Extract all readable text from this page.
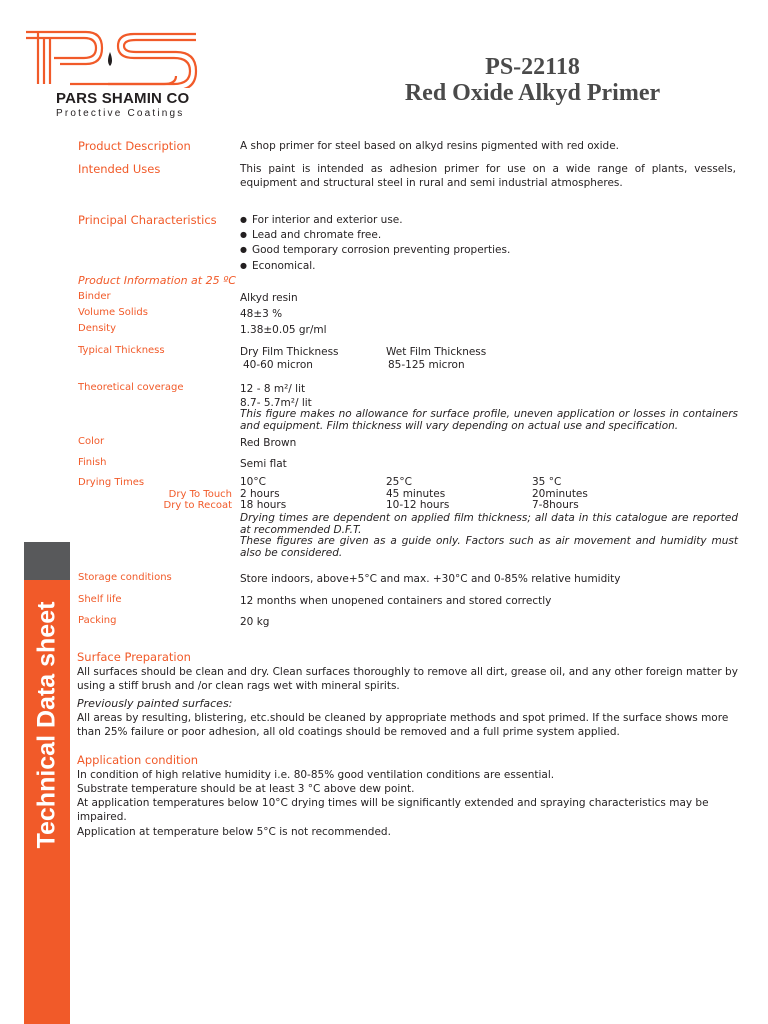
PARS SHAMIN CO
Protective Coatings
PS-22118
Red Oxide Alkyd Primer
Technical Data sheet
Product Description	A shop primer for steel based on alkyd resins pigmented with red oxide.
Intended Uses	This paint is intended as adhesion primer for use on a wide range of plants, vessels, equipment and structural steel in rural and semi industrial atmospheres.
Principal Characteristics
●	For interior and exterior use.
● Lead and chromate free.
● Good temporary corrosion preventing properties.
● Economical.
Product Information at 25 ºC
Binder	Alkyd resin
Volume Solids	48±3 %
Density	1.38±0.05 gr/ml
Typical Thickness	Dry Film Thickness
40-60 micron
Wet Film Thickness
85-125 micron
Theoretical coverage	12 - 8 m²/ lit
8.7- 5.7m²/ lit
This figure makes no allowance for surface profile, uneven application or losses in containers and equipment. Film thickness will vary depending on actual use and specification.
Color	Red Brown
Finish	Semi flat
Drying Times
Dry To Touch
Dry to Recoat
10°C
2 hours
18 hours
25°C
45 minutes
10-12 hours
35 °C
20minutes
7-8hours
Drying times are dependent on applied film thickness; all data in this catalogue are reported at recommended D.F.T.
These figures are given as a guide only. Factors such as air movement and humidity must also be considered.
Storage conditions	Store indoors, above+5°C and max. +30°C and 0-85% relative humidity
Shelf life	12 months when unopened containers and stored correctly
Packing	20 kg
Surface Preparation
All surfaces should be clean and dry. Clean surfaces thoroughly to remove all dirt, grease oil, and any other foreign matter by using a stiff brush and /or clean rags wet with mineral spirits.
Previously painted surfaces:
All areas by resulting, blistering, etc.should be cleaned by appropriate methods and spot primed. If the surface shows more than 25% failure or poor adhesion, all old coatings should be removed and a full prime system applied.
Application condition
In condition of high relative humidity i.e. 80-85% good ventilation conditions are essential.
Substrate temperature should be at least 3 °C above dew point.
At application temperatures below 10°C drying times will be significantly extended and spraying characteristics may be impaired.
Application at temperature below 5°C is not recommended.
